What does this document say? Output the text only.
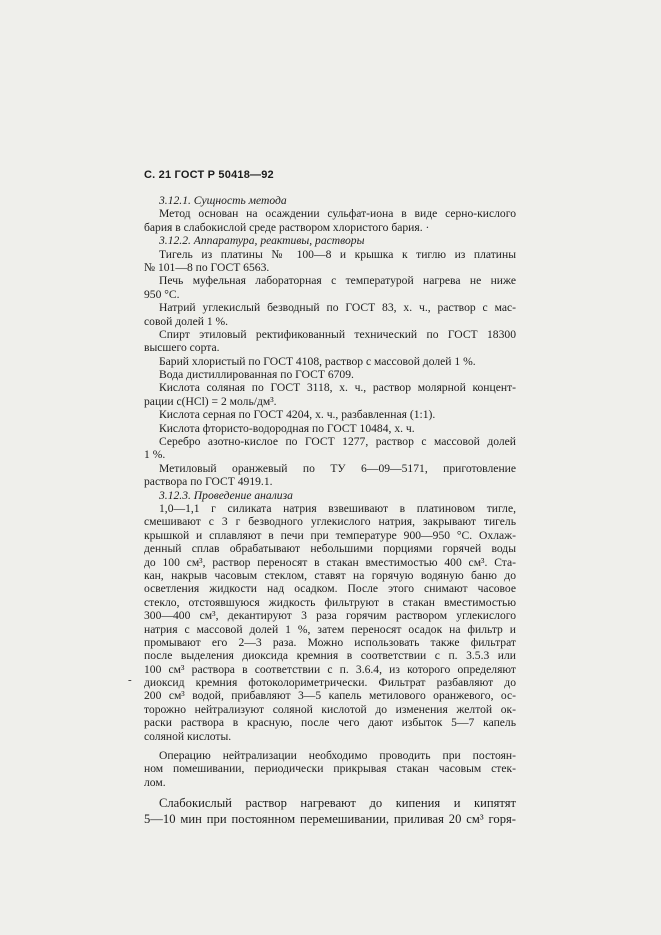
С. 21 ГОСТ Р 50418—92
-
3.12.1. Сущность метода
Метод основан на осаждении сульфат-иона в виде серно-кислого
бария в слабокислой среде раствором хлористого бария. ·
3.12.2. Аппаратура, реактивы, растворы
Тигель из платины № 100—8 и крышка к тиглю из платины
№ 101—8 по ГОСТ 6563.
Печь муфельная лабораторная с температурой нагрева не ниже
950 °С.
Натрий углекислый безводный по ГОСТ 83, х. ч., раствор с мас-
совой долей 1 %.
Спирт этиловый ректификованный технический по ГОСТ 18300
высшего сорта.
Барий хлористый по ГОСТ 4108, раствор с массовой долей 1 %.
Вода дистиллированная по ГОСТ 6709.
Кислота соляная по ГОСТ 3118, х. ч., раствор молярной концент-
рации с(HCl) = 2 моль/дм³.
Кислота серная по ГОСТ 4204, х. ч., разбавленная (1:1).
Кислота фтористо-водородная по ГОСТ 10484, х. ч.
Серебро азотно-кислое по ГОСТ 1277, раствор с массовой долей
1 %.
Метиловый оранжевый по ТУ 6—09—5171, приготовление
раствора по ГОСТ 4919.1.
3.12.3. Проведение анализа
1,0—1,1 г силиката натрия взвешивают в платиновом тигле,
смешивают с 3 г безводного углекислого натрия, закрывают тигель
крышкой и сплавляют в печи при температуре 900—950 °С. Охлаж-
денный сплав обрабатывают небольшими порциями горячей воды
до 100 см³, раствор переносят в стакан вместимостью 400 см³. Ста-
кан, накрыв часовым стеклом, ставят на горячую водяную баню до
осветления жидкости над осадком. После этого снимают часовое
стекло, отстоявшуюся жидкость фильтруют в стакан вместимостью
300—400 см³, декантируют 3 раза горячим раствором углекислого
натрия с массовой долей 1 %, затем переносят осадок на фильтр и
промывают его 2—3 раза. Можно использовать также фильтрат
после выделения диоксида кремния в соответствии с п. 3.5.3 или
100 см³ раствора в соответствии с п. 3.6.4, из которого определяют
диоксид кремния фотоколориметрически. Фильтрат разбавляют до
200 см³ водой, прибавляют 3—5 капель метилового оранжевого, ос-
торожно нейтрализуют соляной кислотой до изменения желтой ок-
раски раствора в красную, после чего дают избыток 5—7 капель
соляной кислоты.
Операцию нейтрализации необходимо проводить при постоян-
ном помешивании, периодически прикрывая стакан часовым стек-
лом.
Слабокислый раствор нагревают до кипения и кипятят
5—10 мин при постоянном перемешивании, приливая 20 см³ горя-
